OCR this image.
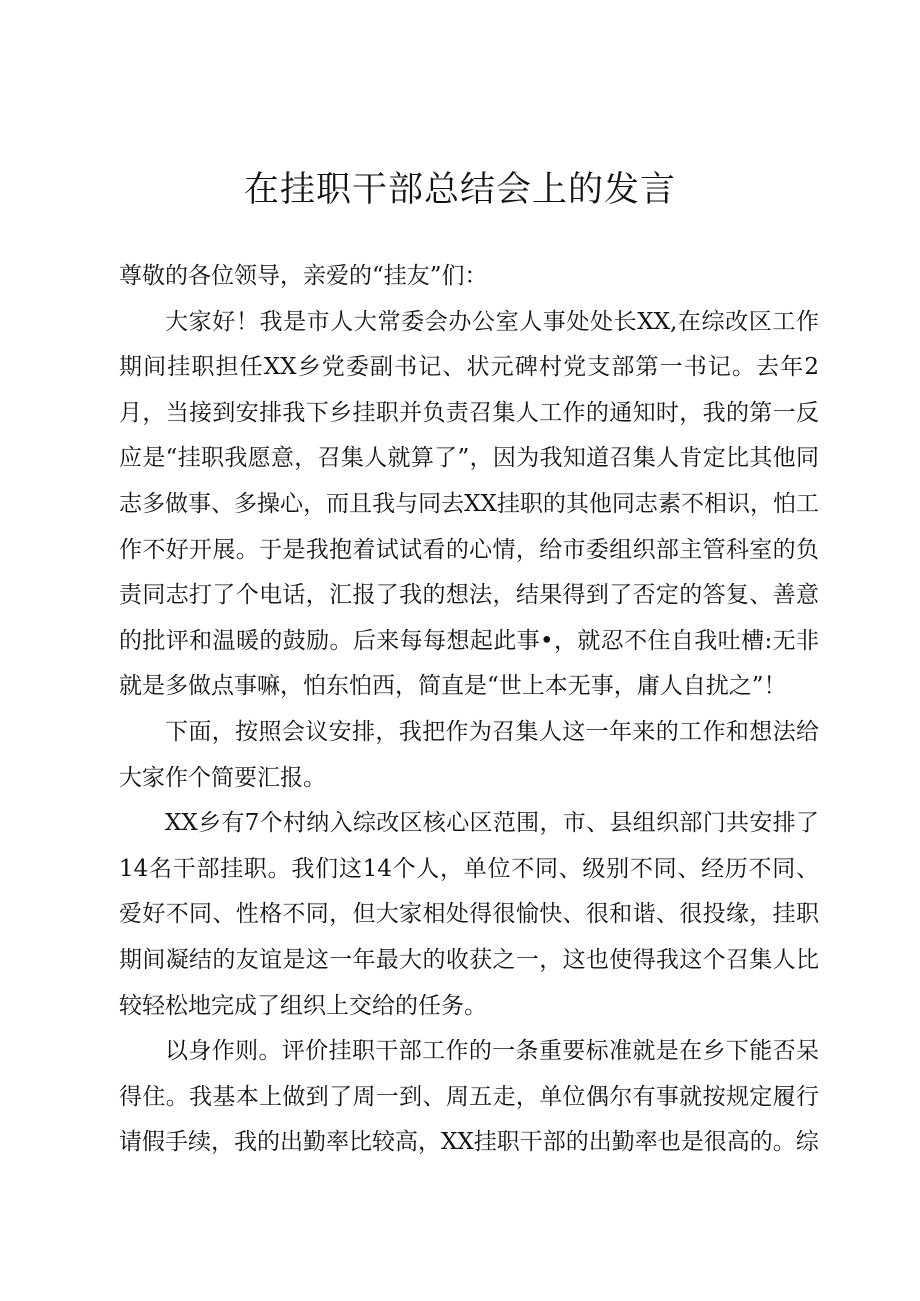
在挂职干部总结会上的发言

尊敬的各位领导，亲爱的“挂友”们：

大家好！我是市人大常委会办公室人事处处长XX,在综改区工作期间挂职担任XX乡党委副书记、状元碑村党支部第一书记。去年2月，当接到安排我下乡挂职并负责召集人工作的通知时，我的第一反应是“挂职我愿意，召集人就算了”，因为我知道召集人肯定比其他同志多做事、多操心，而且我与同去XX挂职的其他同志素不相识，怕工作不好开展。于是我抱着试试看的心情，给市委组织部主管科室的负责同志打了个电话，汇报了我的想法，结果得到了否定的答复、善意的批评和温暖的鼓励。后来每每想起此事•，就忍不住自我吐槽:无非就是多做点事嘛，怕东怕西，简直是“世上本无事，庸人自扰之”！

下面，按照会议安排，我把作为召集人这一年来的工作和想法给大家作个简要汇报。

XX乡有7个村纳入综改区核心区范围，市、县组织部门共安排了14名干部挂职。我们这14个人，单位不同、级别不同、经历不同、爱好不同、性格不同，但大家相处得很愉快、很和谐、很投缘，挂职期间凝结的友谊是这一年最大的收获之一，这也使得我这个召集人比较轻松地完成了组织上交给的任务。

以身作则。评价挂职干部工作的一条重要标准就是在乡下能否呆得住。我基本上做到了周一到、周五走，单位偶尔有事就按规定履行请假手续，我的出勤率比较高，XX挂职干部的出勤率也是很高的。综
